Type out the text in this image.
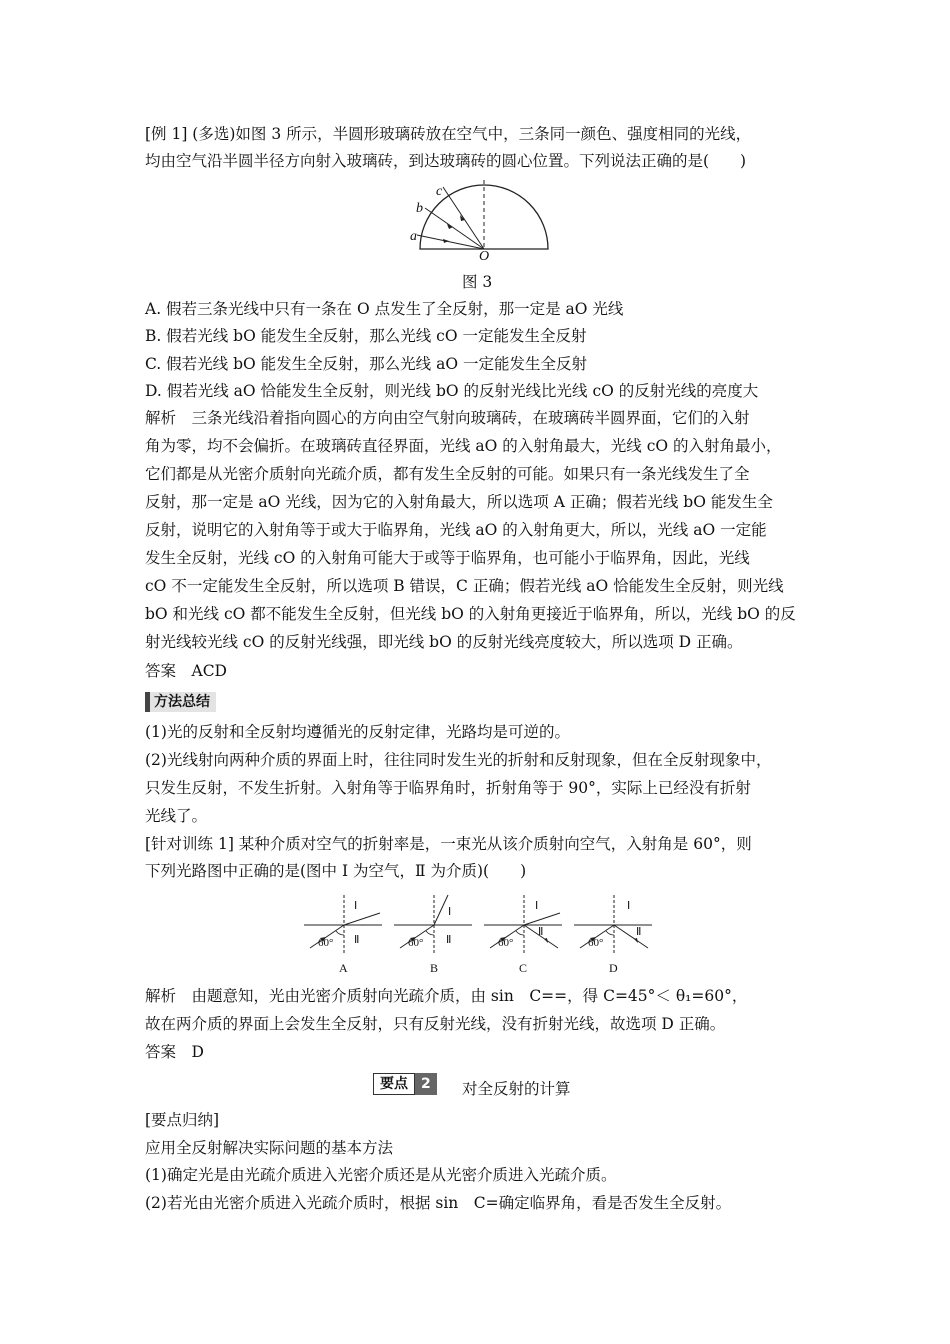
[例 1] (多选)如图 3 所示，半圆形玻璃砖放在空气中，三条同一颜色、强度相同的光线，
均由空气沿半圆半径方向射入玻璃砖，到达玻璃砖的圆心位置。下列说法正确的是(　　)
a
b
c
O
图 3
A. 假若三条光线中只有一条在 O 点发生了全反射，那一定是 aO 光线
B. 假若光线 bO 能发生全反射，那么光线 cO 一定能发生全反射
C. 假若光线 bO 能发生全反射，那么光线 aO 一定能发生全反射
D. 假若光线 aO 恰能发生全反射，则光线 bO 的反射光线比光线 cO 的反射光线的亮度大
解析　三条光线沿着指向圆心的方向由空气射向玻璃砖，在玻璃砖半圆界面，它们的入射
角为零，均不会偏折。在玻璃砖直径界面，光线 aO 的入射角最大，光线 cO 的入射角最小，
它们都是从光密介质射向光疏介质，都有发生全反射的可能。如果只有一条光线发生了全
反射，那一定是 aO 光线，因为它的入射角最大，所以选项 A 正确；假若光线 bO 能发生全
反射，说明它的入射角等于或大于临界角，光线 aO 的入射角更大，所以，光线 aO 一定能
发生全反射，光线 cO 的入射角可能大于或等于临界角，也可能小于临界角，因此，光线
cO 不一定能发生全反射，所以选项 B 错误，C 正确；假若光线 aO 恰能发生全反射，则光线
bO 和光线 cO 都不能发生全反射，但光线 bO 的入射角更接近于临界角，所以，光线 bO 的反
射光线较光线 cO 的反射光线强，即光线 bO 的反射光线亮度较大，所以选项 D 正确。
答案　ACD
方法总结
(1)光的反射和全反射均遵循光的反射定律，光路均是可逆的。
(2)光线射向两种介质的界面上时，往往同时发生光的折射和反射现象，但在全反射现象中，
只发生反射，不发生折射。入射角等于临界角时，折射角等于 90°，实际上已经没有折射
光线了。
[针对训练 1] 某种介质对空气的折射率是，一束光从该介质射向空气，入射角是 60°，则
下列光路图中正确的是(图中 Ⅰ 为空气，Ⅱ 为介质)(　　)
Ⅰ
Ⅱ
60°
A
Ⅰ
Ⅱ
60°
B
Ⅰ
Ⅱ
60°
C
Ⅰ
Ⅱ
60°
D
解析　由题意知，光由光密介质射向光疏介质，由 sin　C==，得 C=45°＜ θ₁=60°，
故在两介质的界面上会发生全反射，只有反射光线，没有折射光线，故选项 D 正确。
答案　D
要点 2	对全反射的计算
[要点归纳]
应用全反射解决实际问题的基本方法
(1)确定光是由光疏介质进入光密介质还是从光密介质进入光疏介质。
(2)若光由光密介质进入光疏介质时，根据 sin　C=确定临界角，看是否发生全反射。
